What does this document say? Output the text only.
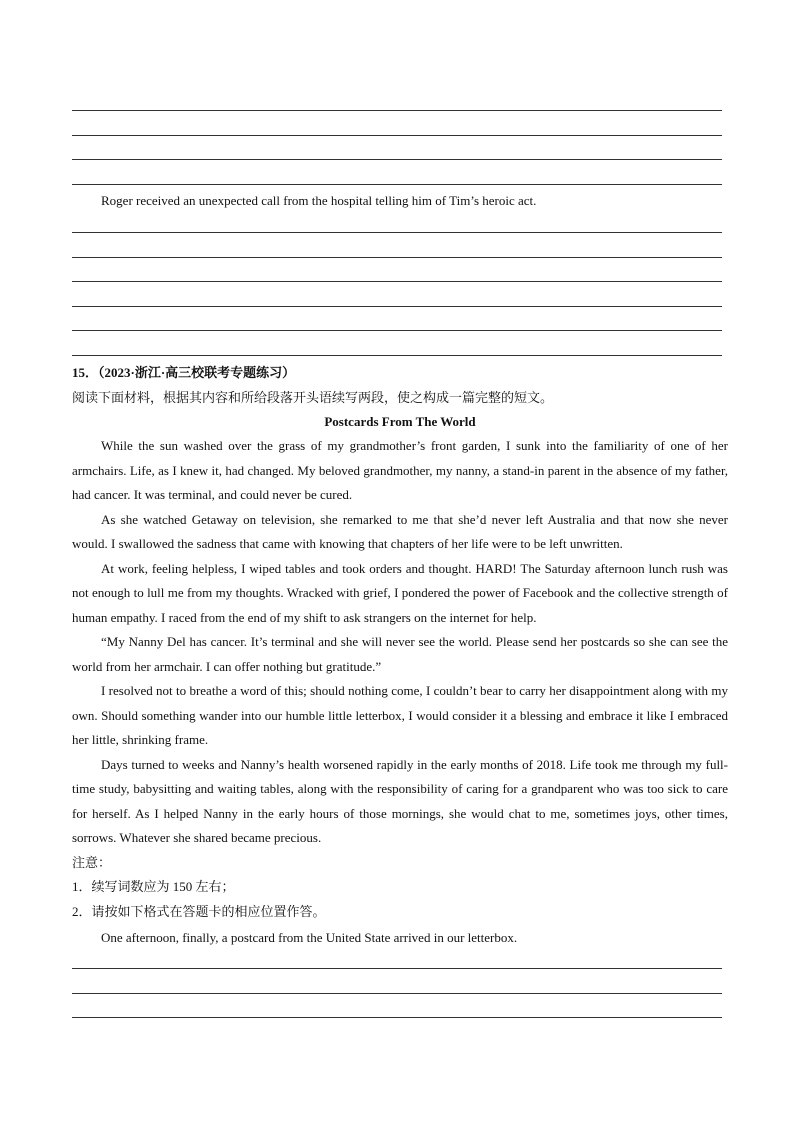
Roger received an unexpected call from the hospital telling him of Tim’s heroic act.
15．（2023·浙江·高三校联考专题练习）
阅读下面材料，根据其内容和所给段落开头语续写两段，使之构成一篇完整的短文。
Postcards From The World
While the sun washed over the grass of my grandmother’s front garden, I sunk into the familiarity of one of her armchairs. Life, as I knew it, had changed. My beloved grandmother, my nanny, a stand-in parent in the absence of my father, had cancer. It was terminal, and could never be cured.
As she watched Getaway on television, she remarked to me that she’d never left Australia and that now she never would. I swallowed the sadness that came with knowing that chapters of her life were to be left unwritten.
At work, feeling helpless, I wiped tables and took orders and thought. HARD! The Saturday afternoon lunch rush was not enough to lull me from my thoughts. Wracked with grief, I pondered the power of Facebook and the collective strength of human empathy. I raced from the end of my shift to ask strangers on the internet for help.
“My Nanny Del has cancer. It’s terminal and she will never see the world. Please send her postcards so she can see the world from her armchair. I can offer nothing but gratitude.”
I resolved not to breathe a word of this; should nothing come, I couldn’t bear to carry her disappointment along with my own. Should something wander into our humble little letterbox, I would consider it a blessing and embrace it like I embraced her little, shrinking frame.
Days turned to weeks and Nanny’s health worsened rapidly in the early months of 2018. Life took me through my full-time study, babysitting and waiting tables, along with the responsibility of caring for a grandparent who was too sick to care for herself. As I helped Nanny in the early hours of those mornings, she would chat to me, sometimes joys, other times, sorrows. Whatever she shared became precious.
注意：
1．续写词数应为 150 左右；
2．请按如下格式在答题卡的相应位置作答。
One afternoon, finally, a postcard from the United State arrived in our letterbox.
